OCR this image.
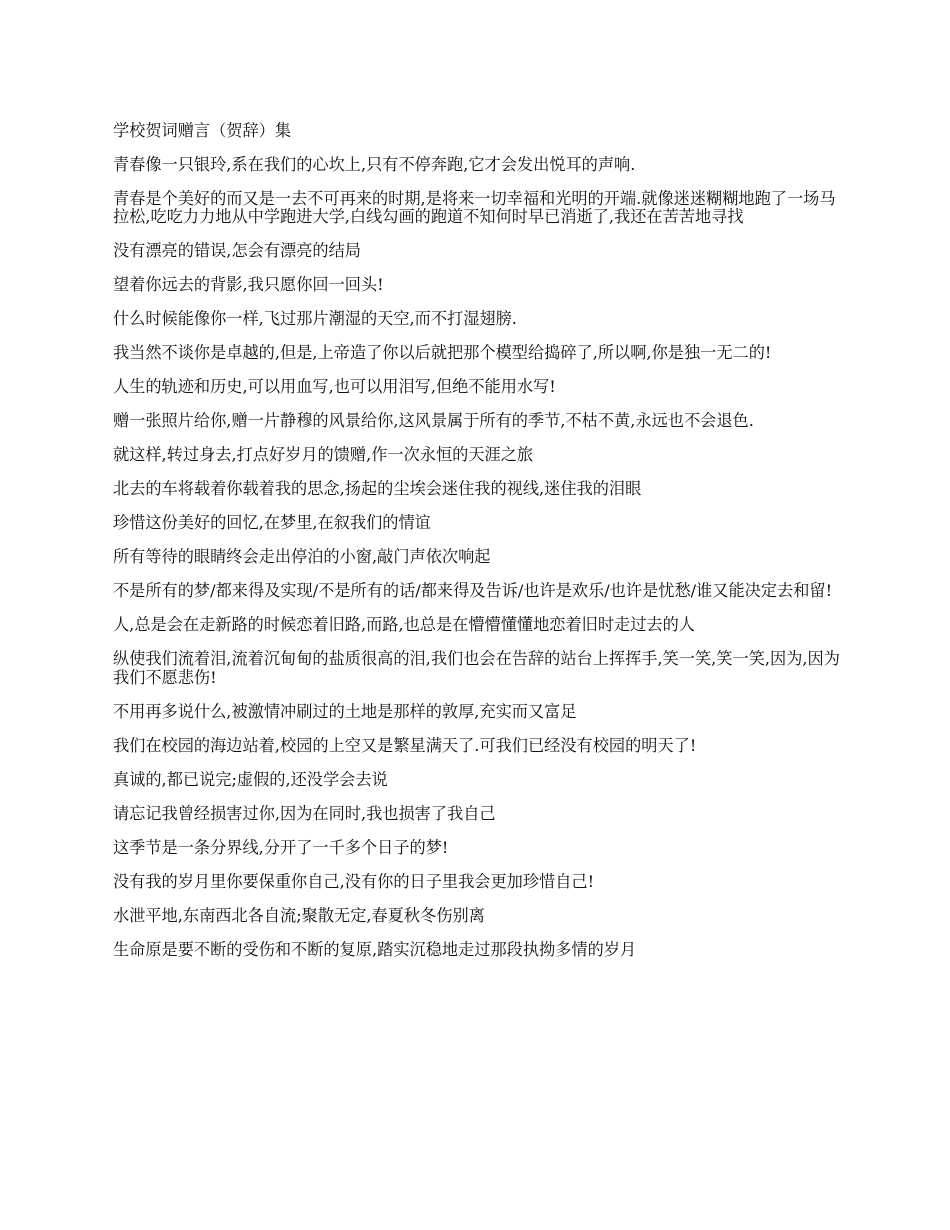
学校贺词赠言（贺辞）集
青春像一只银玲,系在我们的心坎上,只有不停奔跑,它才会发出悦耳的声响.
青春是个美好的而又是一去不可再来的时期,是将来一切幸福和光明的开端.就像迷迷糊糊地跑了一场马拉松,吃吃力力地从中学跑进大学,白线勾画的跑道不知何时早已消逝了,我还在苦苦地寻找
没有漂亮的错误,怎会有漂亮的结局
望着你远去的背影,我只愿你回一回头!
什么时候能像你一样,飞过那片潮湿的天空,而不打湿翅膀.
我当然不谈你是卓越的,但是,上帝造了你以后就把那个模型给捣碎了,所以啊,你是独一无二的!
人生的轨迹和历史,可以用血写,也可以用泪写,但绝不能用水写!
赠一张照片给你,赠一片静穆的风景给你,这风景属于所有的季节,不枯不黄,永远也不会退色.
就这样,转过身去,打点好岁月的馈赠,作一次永恒的天涯之旅
北去的车将载着你载着我的思念,扬起的尘埃会迷住我的视线,迷住我的泪眼
珍惜这份美好的回忆,在梦里,在叙我们的情谊
所有等待的眼睛终会走出停泊的小窗,敲门声依次响起
不是所有的梦/都来得及实现/不是所有的话/都来得及告诉/也许是欢乐/也许是忧愁/谁又能决定去和留!
人,总是会在走新路的时候恋着旧路,而路,也总是在懵懵懂懂地恋着旧时走过去的人
纵使我们流着泪,流着沉甸甸的盐质很高的泪,我们也会在告辞的站台上挥挥手,笑一笑,笑一笑,因为,因为我们不愿悲伤!
不用再多说什么,被激情冲刷过的土地是那样的敦厚,充实而又富足
我们在校园的海边站着,校园的上空又是繁星满天了.可我们已经没有校园的明天了!
真诚的,都已说完;虚假的,还没学会去说
请忘记我曾经损害过你,因为在同时,我也损害了我自己
这季节是一条分界线,分开了一千多个日子的梦!
没有我的岁月里你要保重你自己,没有你的日子里我会更加珍惜自己!
水泄平地,东南西北各自流;聚散无定,春夏秋冬伤别离
生命原是要不断的受伤和不断的复原,踏实沉稳地走过那段执拗多情的岁月
